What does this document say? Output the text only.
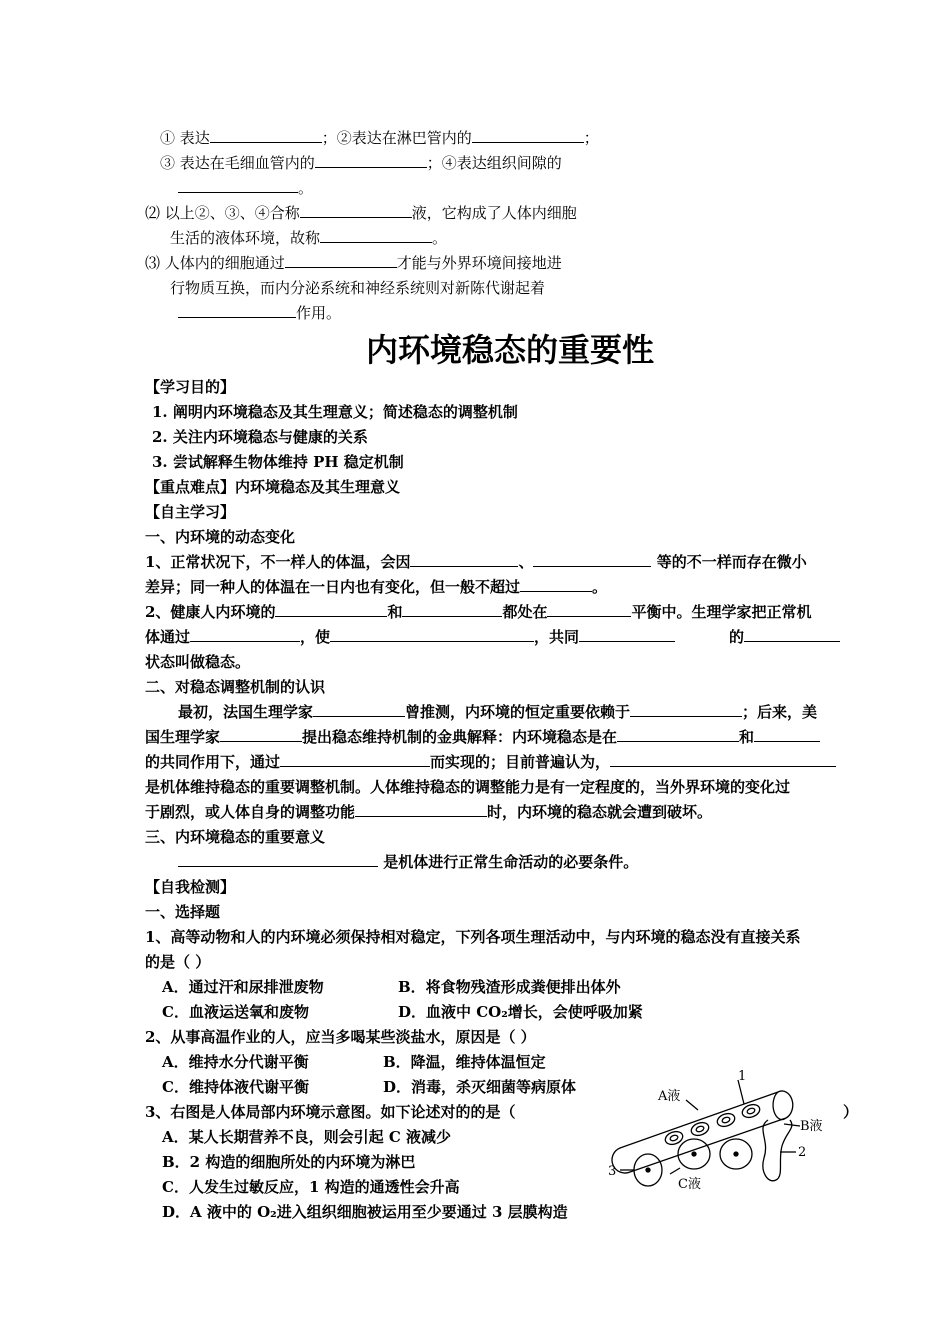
① 表达	；②表达在淋巴管内的	；
③ 表达在毛细血管内的	；④表达组织间隙的
。
⑵ 以上②、③、④合称	液，它构成了人体内细胞
生活的液体环境，故称	。
⑶ 人体内的细胞通过	才能与外界环境间接地进
行物质互换，而内分泌系统和神经系统则对新陈代谢起着
作用。
内环境稳态的重要性
【学习目的】
1. 阐明内环境稳态及其生理意义；简述稳态的调整机制
2. 关注内环境稳态与健康的关系
3. 尝试解释生物体维持 PH 稳定机制
【重点难点】内环境稳态及其生理意义
【自主学习】
一、内环境的动态变化
1、正常状况下，不一样人的体温，会因	、	等的不一样而存在微小
差异；同一种人的体温在一日内也有变化，但一般不超过	。
2、健康人内环境的	和	都处在	平衡中。生理学家把正常机
体通过	，使	，共同	的
状态叫做稳态。
二、对稳态调整机制的认识
最初，法国生理学家	曾推测，内环境的恒定重要依赖于	；后来，美
国生理学家	提出稳态维持机制的金典解释：内环境稳态是在	和
的共同作用下，通过	而实现的；目前普遍认为，
是机体维持稳态的重要调整机制。人体维持稳态的调整能力是有一定程度的，当外界环境的变化过
于剧烈，或人体自身的调整功能	时，内环境的稳态就会遭到破坏。
三、内环境稳态的重要意义
是机体进行正常生命活动的必要条件。
【自我检测】
一、选择题
1、高等动物和人的内环境必须保持相对稳定，下列各项生理活动中，与内环境的稳态没有直接关系
的是（ ）
A．通过汗和尿排泄废物	B．将食物残渣形成粪便排出体外
C．血液运送氧和废物	D．血液中 CO₂增长，会使呼吸加紧
2、从事高温作业的人，应当多喝某些淡盐水，原因是（ ）
A．维持水分代谢平衡	B．降温，维持体温恒定
C．维持体液代谢平衡	D．消毒，杀灭细菌等病原体
3、右图是人体局部内环境示意图。如下论述对的的是（	）
A．某人长期营养不良，则会引起 C 液减少
B．2 构造的细胞所处的内环境为淋巴
C．人发生过敏反应，1 构造的通透性会升高
D．A 液中的 O₂进入组织细胞被运用至少要通过 3 层膜构造
A液
1
B液
2
3
C液
